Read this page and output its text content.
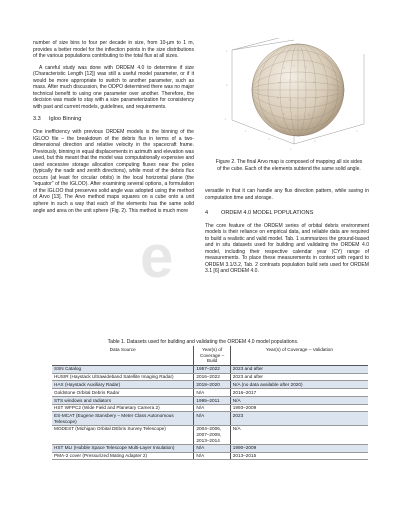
number of size bins to four per decade in size, from 10-µm to 1 m, provides a better model for the inflection points in the size distributions of the various populations contributing to the total flux at all sizes.

A careful study was done with ORDEM 4.0 to determine if size (Characteristic Length [12]) was still a useful model parameter, or if it would be more appropriate to switch to another parameter, such as mass. After much discussion, the ODPO determined there was no major technical benefit to using one parameter over another. Therefore, the decision was made to stay with a size parameterization for consistency with past and current models, guidelines, and requirements.

3.3 Igloo Binning

One inefficiency with previous ORDEM models is the binning of the IGLOO file – the breakdown of the debris flux in terms of a two-dimensional direction and relative velocity in the spacecraft frame. Previously, binning in equal displacements in azimuth and elevation was used, but this meant that the model was computationally expensive and used excessive storage allocation computing fluxes near the poles (typically the nadir and zenith directions), while most of the debris flux occurs (at least for circular orbits) in the local horizontal plane (the “equator” of the IGLOO). After examining several options, a formulation of the IGLOO that preserves solid angle was adopted using the method of Arvo [13]. The Arvo method maps squares on a cube onto a unit sphere in such a way that each of the elements has the same solid angle and area on the unit sphere (Fig. 2). This method is much more

1
0
-1
-1
0
1
0
1
Figure 2. The final Arvo map is composed of mapping all six sides of the cube. Each of the elements subtend the same solid angle.

versatile in that it can handle any flux direction pattern, while saving in computation time and storage.

4 ORDEM 4.0 MODEL POPULATIONS

The core feature of the ORDEM series of orbital debris environment models is their reliance on empirical data, and reliable data are required to build a realistic and valid model. Tab. 1 summarizes the ground-based and in situ datasets used for building and validating the ORDEM 4.0 model, including their respective calendar year (CY) range of measurements. To place these measurements in context with regard to ORDEM 3.1/3.2, Tab. 2 contrasts population build sets used for ORDEM 3.1 [6] and ORDEM 4.0.

e
Table 1. Datasets used for building and validating the ORDEM 4.0 model populations.
Data Source	Year(s) of Coverage – Build	Year(s) of Coverage – Validation
SSN Catalog	1957–2022	2023 and after
HUSIR (Haystack Ultrawideband Satellite Imaging Radar)	2016–2022	2023 and after
HAX (Haystack Auxiliary Radar)	2018–2020	N/A (no data available after 2020)
Goldstone Orbital Debris Radar	N/A	2016–2017
STS windows and radiators	1995–2011	N/A
HST WFPC2 (Wide Field and Planetary Camera 2)	N/A	1993–2009
ES-MCAT (Eugene Stansbery – Meter Class Autonomous Telescope)	N/A	2023
MODEST (Michigan Orbital DEbris Survey Telescope)	2004–2006, 2007–2009, 2013–2014	N/A
HST MLI (Hubble Space Telescope Multi-Layer Insulation)	N/A	1990–2009
PMA-2 cover (Pressurized Mating Adapter 2)	N/A	2013–2015
